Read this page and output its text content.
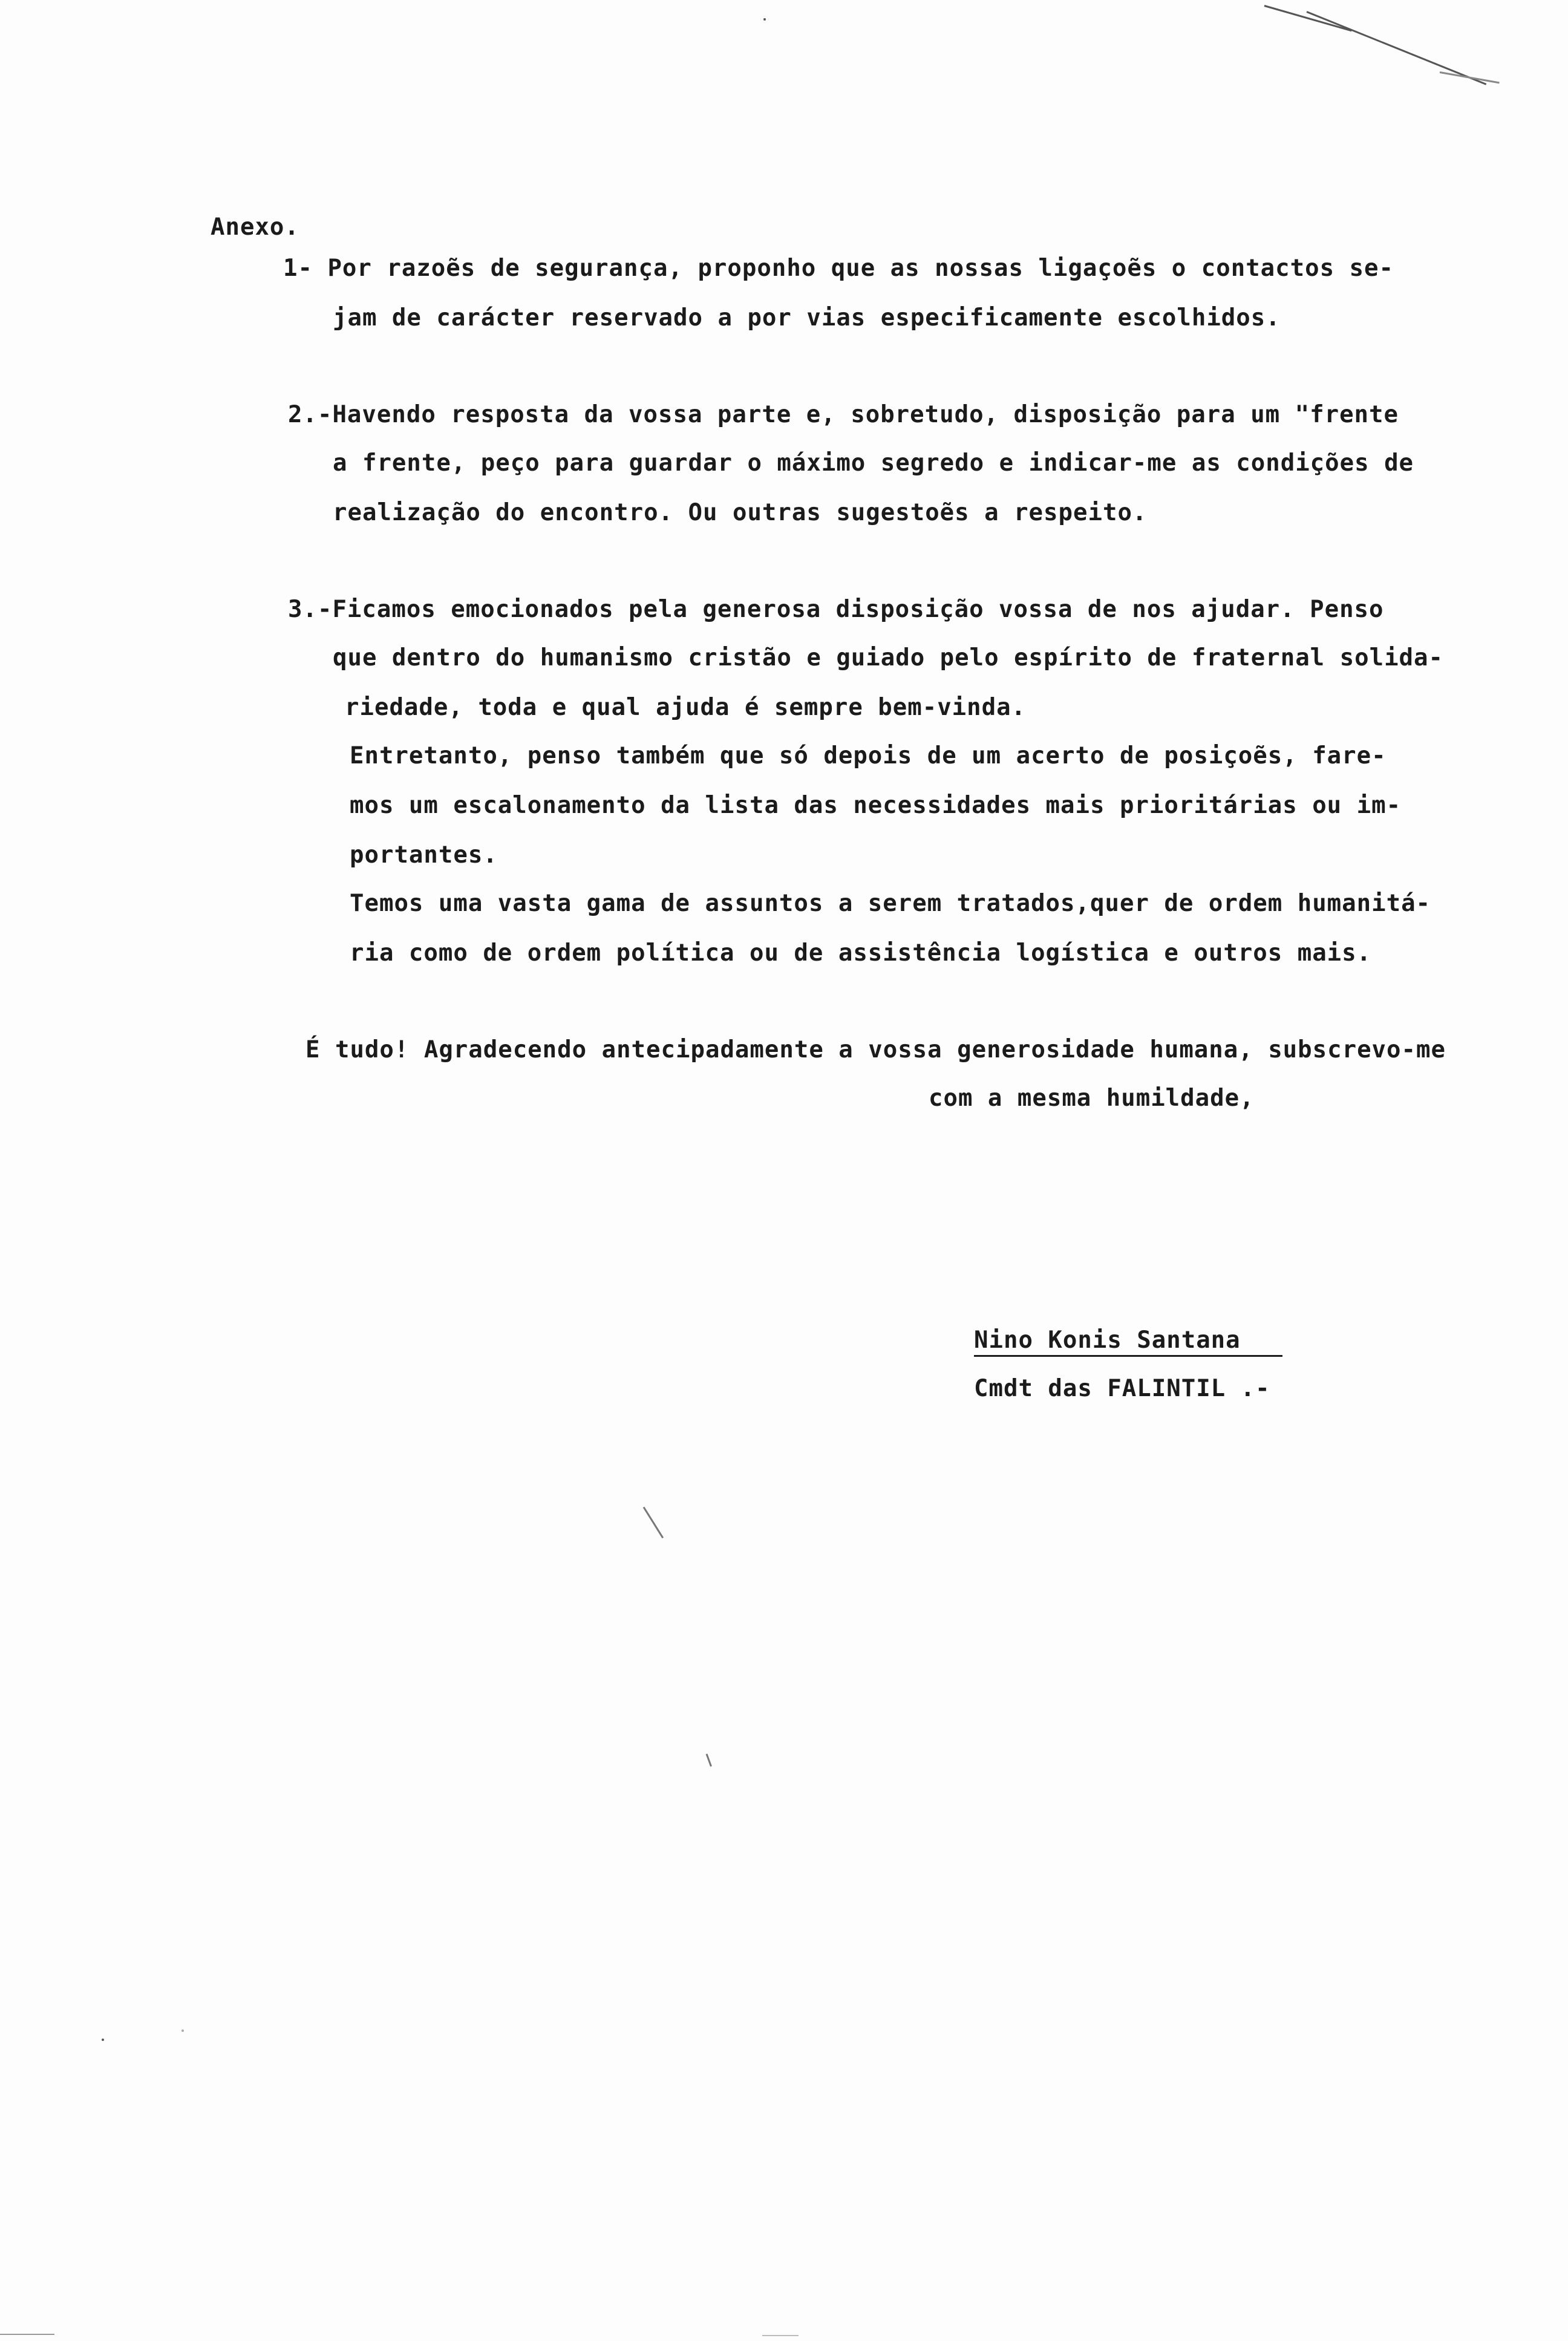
Anexo.
1- Por razoẽs de segurança, proponho que as nossas ligaçoẽs o contactos se-
jam de carácter reservado a por vias especificamente escolhidos.
2.-Havendo resposta da vossa parte e, sobretudo, disposição para um "frente
a frente, peço para guardar o máximo segredo e indicar-me as condições de
realização do encontro. Ou outras sugestoẽs a respeito.
3.-Ficamos emocionados pela generosa disposição vossa de nos ajudar. Penso
que dentro do humanismo cristão e guiado pelo espírito de fraternal solida-
riedade, toda e qual ajuda é sempre bem-vinda.
Entretanto, penso também que só depois de um acerto de posiçoẽs, fare-
mos um escalonamento da lista das necessidades mais prioritárias ou im-
portantes.
Temos uma vasta gama de assuntos a serem tratados,quer de ordem humanitá-
ria como de ordem política ou de assistência logística e outros mais.
É tudo! Agradecendo antecipadamente a vossa generosidade humana, subscrevo-me
com a mesma humildade,
Nino Konis Santana
Cmdt das FALINTIL .-
